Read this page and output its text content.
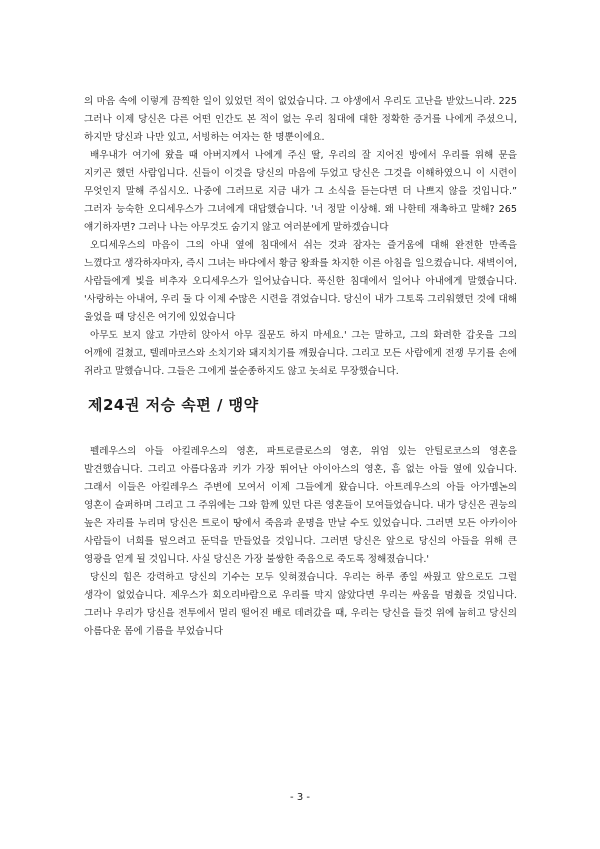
의 마음 속에 이렇게 끔찍한 일이 있었던 적이 없었습니다. 그 야생에서 우리도 고난을 받았느니라. 225 그러나 이제 당신은 다른 어떤 인간도 본 적이 없는 우리 침대에 대한 정확한 증거를 나에게 주셨으니, 하지만 당신과 나만 있고, 서빙하는 여자는 한 명뿐이에요.

배우내가 여기에 왔을 때 아버지께서 나에게 주신 딸, 우리의 잘 지어진 방에서 우리를 위해 문을 지키곤 했던 사람입니다. 신들이 이것을 당신의 마음에 두었고 당신은 그것을 이해하였으니 이 시련이 무엇인지 말해 주십시오. 나중에 그러므로 지금 내가 그 소식을 듣는다면 더 나쁘지 않을 것입니다.” 그러자 능숙한 오디세우스가 그녀에게 대답했습니다. '너 정말 이상해. 왜 나한테 재촉하고 말해? 265 얘기하자면? 그러나 나는 아무것도 숨기지 않고 여러분에게 말하겠습니다

오디세우스의 마음이 그의 아내 옆에 침대에서 쉬는 것과 잠자는 즐거움에 대해 완전한 만족을 느꼈다고 생각하자마자, 즉시 그녀는 바다에서 황금 왕좌를 차지한 이른 아침을 일으켰습니다. 새벽이여, 사람들에게 빛을 비추자 오디세우스가 일어났습니다. 푹신한 침대에서 일어나 아내에게 말했습니다. '사랑하는 아내여, 우리 둘 다 이제 수많은 시련을 겪었습니다. 당신이 내가 그토록 그리워했던 것에 대해 울었을 때 당신은 여기에 있었습니다

아무도 보지 않고 가만히 앉아서 아무 질문도 하지 마세요.' 그는 말하고, 그의 화려한 갑옷을 그의 어깨에 걸쳤고, 텔레마코스와 소치기와 돼지치기를 깨웠습니다. 그리고 모든 사람에게 전쟁 무기를 손에 쥐라고 말했습니다. 그들은 그에게 불순종하지도 않고 놋쇠로 무장했습니다.

제24권 저승 속편 / 맹약

펠레우스의 아들 아킬레우스의 영혼, 파트로클로스의 영혼, 위엄 있는 안틸로코스의 영혼을 발견했습니다. 그리고 아름다움과 키가 가장 뛰어난 아이아스의 영혼, 흠 없는 아들 옆에 있습니다. 그래서 이들은 아킬레우스 주변에 모여서 이제 그들에게 왔습니다. 아트레우스의 아들 아가멤논의 영혼이 슬퍼하며 그리고 그 주위에는 그와 함께 있던 다른 영혼들이 모여들었습니다. 내가 당신은 권능의 높은 자리를 누리며 당신은 트로이 땅에서 죽음과 운명을 만날 수도 있었습니다. 그러면 모든 아카이아 사람들이 너희를 덮으려고 둔덕을 만들었을 것입니다. 그러면 당신은 앞으로 당신의 아들을 위해 큰 영광을 얻게 될 것입니다. 사실 당신은 가장 불쌍한 죽음으로 죽도록 정해졌습니다.'

당신의 힘은 강력하고 당신의 기수는 모두 잊혀졌습니다. 우리는 하루 종일 싸웠고 앞으로도 그럴 생각이 없었습니다. 제우스가 회오리바람으로 우리를 막지 않았다면 우리는 싸움을 멈췄을 것입니다. 그러나 우리가 당신을 전투에서 멀리 떨어진 배로 데려갔을 때, 우리는 당신을 들것 위에 눕히고 당신의 아름다운 몸에 기름을 부었습니다

- 3 -
